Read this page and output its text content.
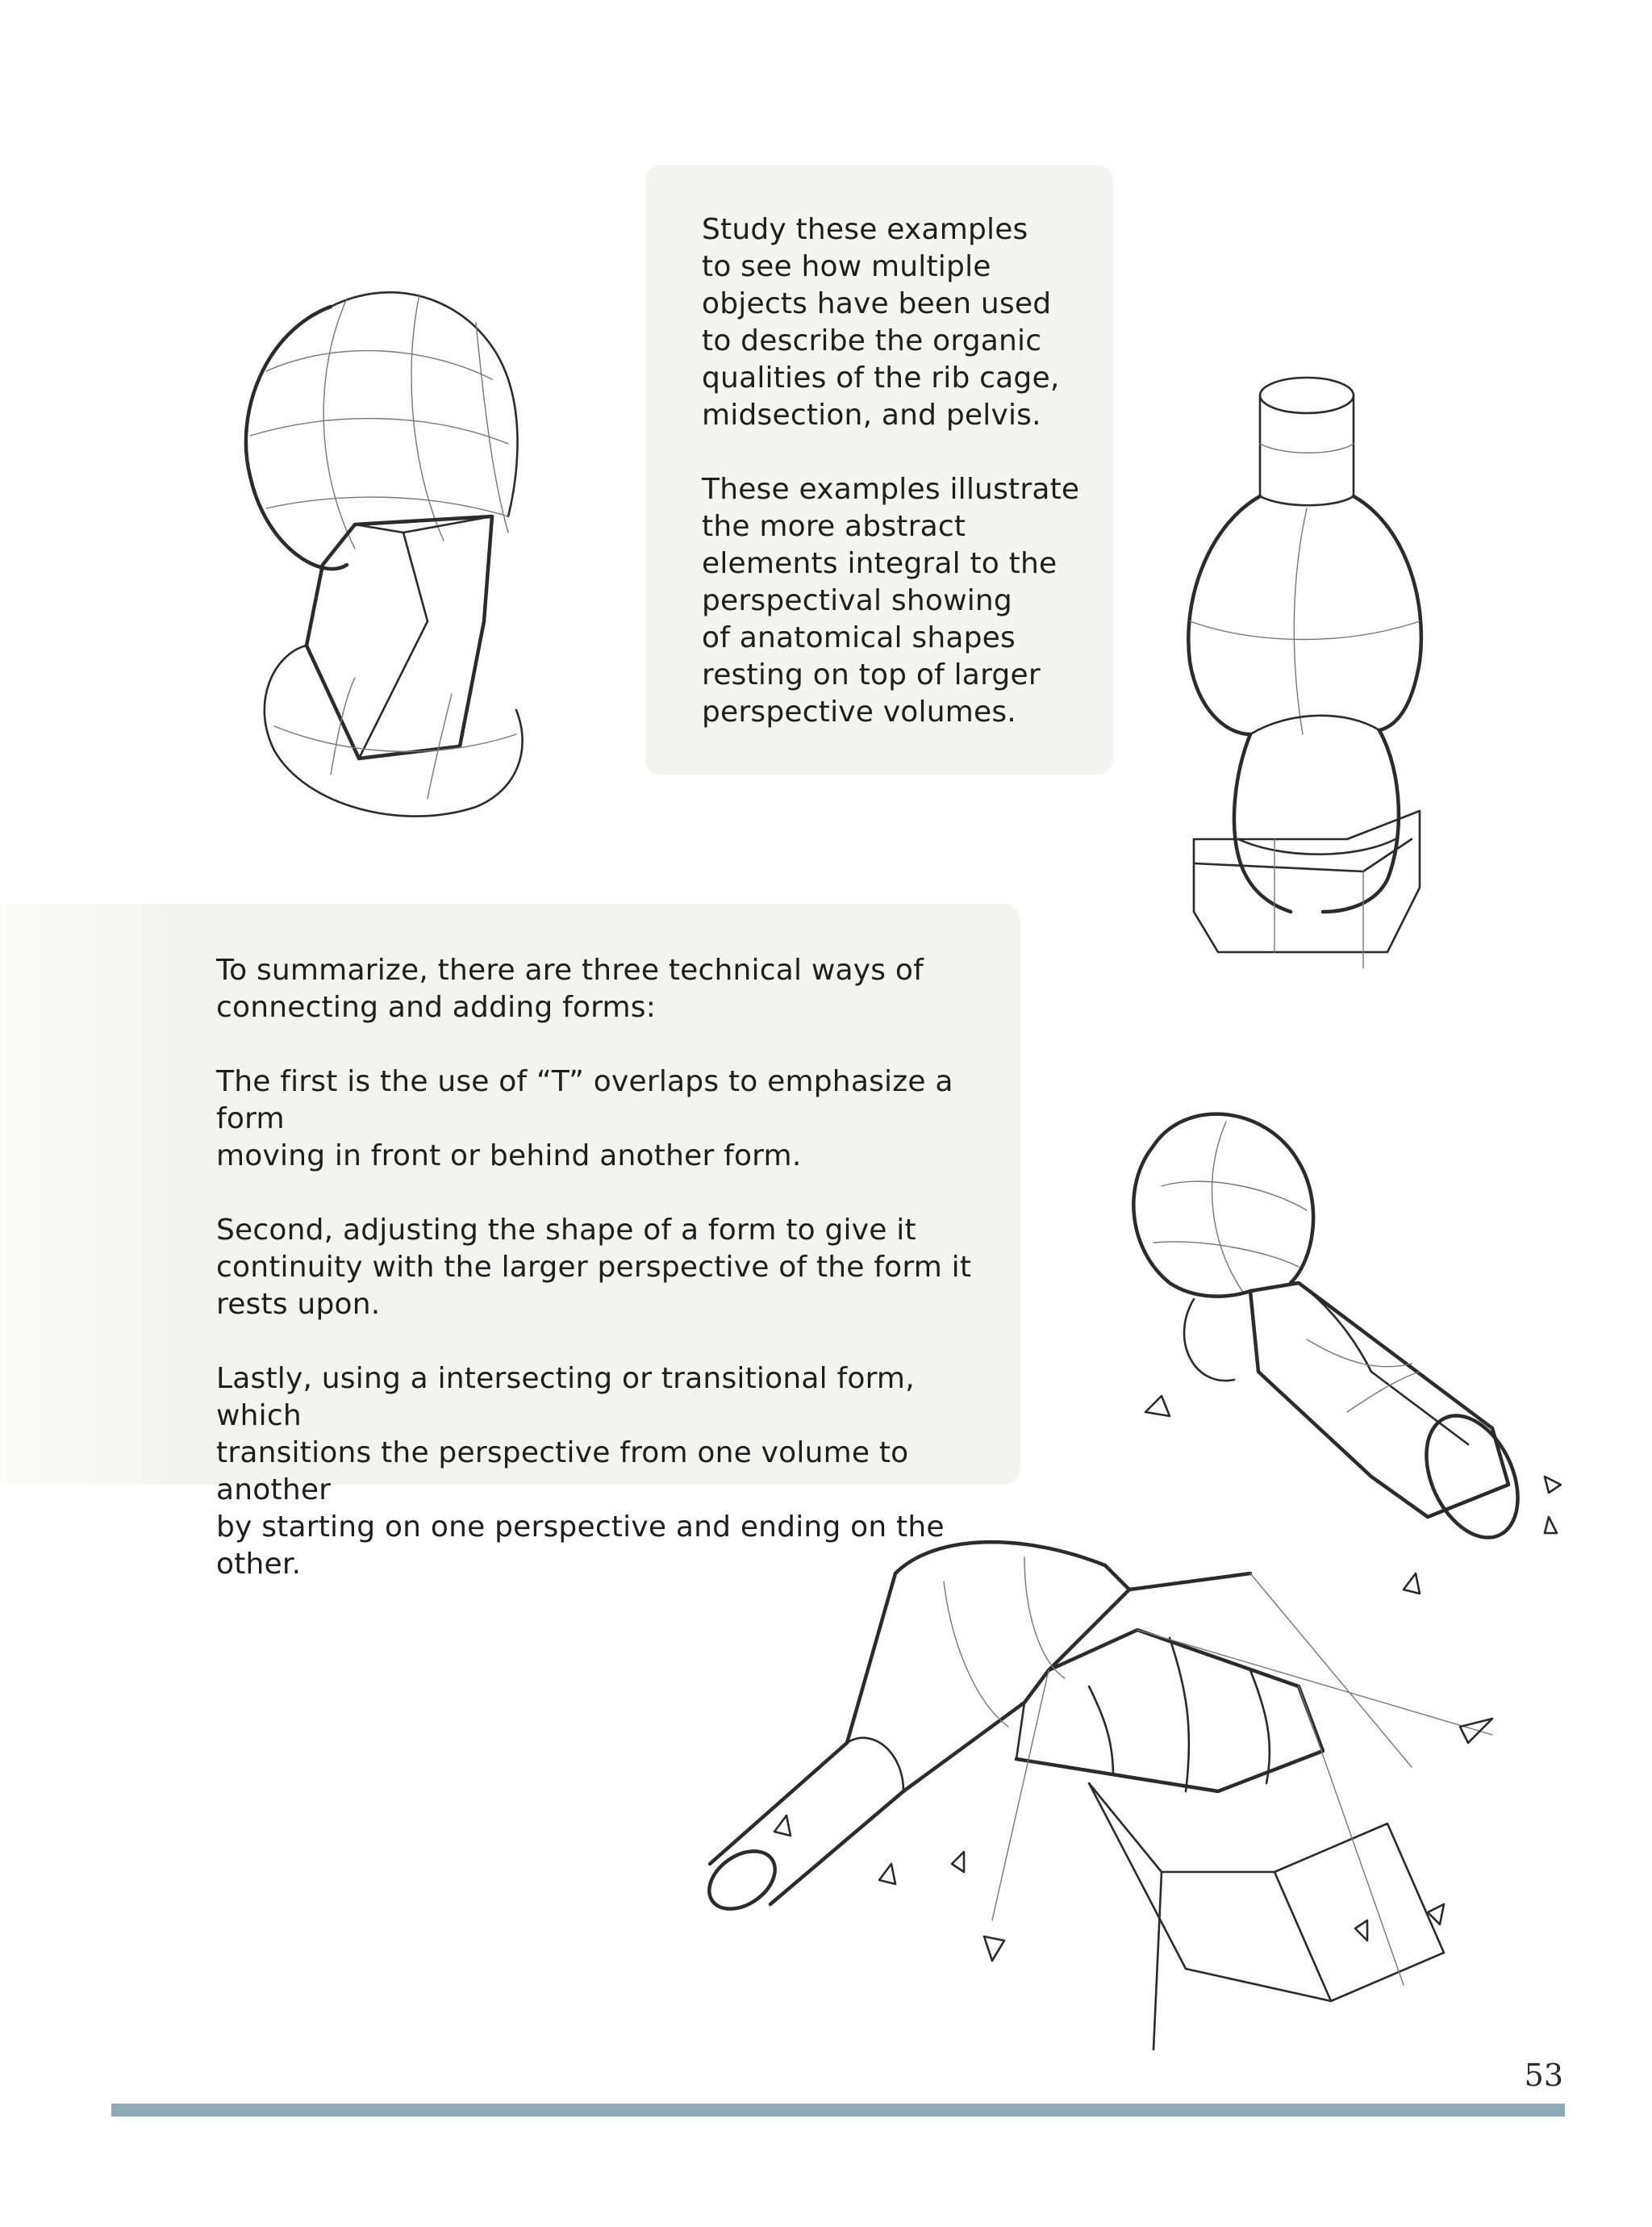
Study these examples
to see how multiple
objects have been used
to describe the organic
qualities of the rib cage,
midsection, and pelvis.

These examples illustrate
the more abstract
elements integral to the
perspectival showing
of anatomical shapes
resting on top of larger
perspective volumes.

To summarize, there are three technical ways of
connecting and adding forms:

The first is the use of “T” overlaps to emphasize a form
moving in front or behind another form.

Second, adjusting the shape of a form to give it
continuity with the larger perspective of the form it
rests upon.

Lastly, using a intersecting or transitional form, which
transitions the perspective from one volume to another
by starting on one perspective and ending on the other.

53
